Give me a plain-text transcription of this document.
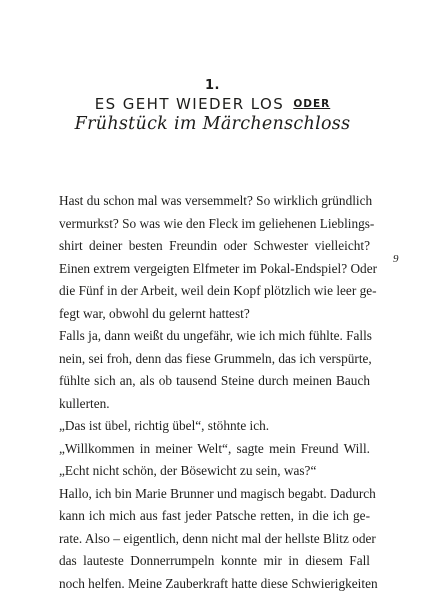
1.
ES GEHT WIEDER LOS ODER
Frühstück im Märchenschloss
9
Hast du schon mal was versemmelt? So wirklich gründlich
vermurkst? So was wie den Fleck im geliehenen Lieblings-
shirt deiner besten Freundin oder Schwester vielleicht?
Einen extrem vergeigten Elfmeter im Pokal-Endspiel? Oder
die Fünf in der Arbeit, weil dein Kopf plötzlich wie leer ge-
fegt war, obwohl du gelernt hattest?
Falls ja, dann weißt du ungefähr, wie ich mich fühlte. Falls
nein, sei froh, denn das fiese Grummeln, das ich verspürte,
fühlte sich an, als ob tausend Steine durch meinen Bauch
kullerten.
„Das ist übel, richtig übel“, stöhnte ich.
„Willkommen in meiner Welt“, sagte mein Freund Will.
„Echt nicht schön, der Bösewicht zu sein, was?“
Hallo, ich bin Marie Brunner und magisch begabt. Dadurch
kann ich mich aus fast jeder Patsche retten, in die ich ge-
rate. Also – eigentlich, denn nicht mal der hellste Blitz oder
das lauteste Donnerrumpeln konnte mir in diesem Fall
noch helfen. Meine Zauberkraft hatte diese Schwierigkeiten
